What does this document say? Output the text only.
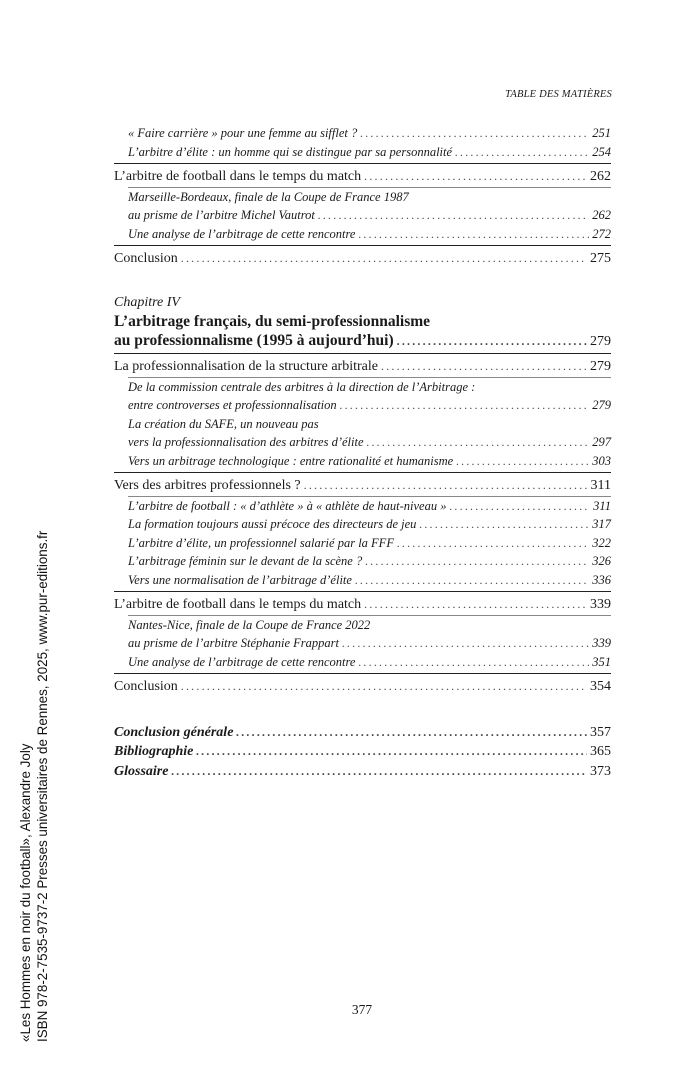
TABLE DES MATIÈRES
« Faire carrière » pour une femme au sifflet ? .....	251
L’arbitre d’élite : un homme qui se distingue par sa personnalité .....	254
L’arbitre de football dans le temps du match .....	262
Marseille-Bordeaux, finale de la Coupe de France 1987
au prisme de l’arbitre Michel Vautrot .....	262
Une analyse de l’arbitrage de cette rencontre .....	272
Conclusion .....	275
Chapitre IV
L’arbitrage français, du semi-professionnalisme
au professionnalisme (1995 à aujourd’hui) .....	279
La professionnalisation de la structure arbitrale .....	279
De la commission centrale des arbitres à la direction de l’Arbitrage :
entre controverses et professionnalisation .....	279
La création du SAFE, un nouveau pas
vers la professionnalisation des arbitres d’élite .....	297
Vers un arbitrage technologique : entre rationalité et humanisme .....	303
Vers des arbitres professionnels ? .....	311
L’arbitre de football : « d’athlète » à « athlète de haut-niveau » .....	311
La formation toujours aussi précoce des directeurs de jeu .....	317
L’arbitre d’élite, un professionnel salarié par la FFF .....	322
L’arbitrage féminin sur le devant de la scène ? .....	326
Vers une normalisation de l’arbitrage d’élite .....	336
L’arbitre de football dans le temps du match .....	339
Nantes-Nice, finale de la Coupe de France 2022
au prisme de l’arbitre Stéphanie Frappart .....	339
Une analyse de l’arbitrage de cette rencontre .....	351
Conclusion .....	354
Conclusion générale .....	357
Bibliographie .....	365
Glossaire .....	373
377
«Les Hommes en noir du football», Alexandre Joly ISBN 978-2-7535-9737-2 Presses universitaires de Rennes, 2025, www.pur-editions.fr
